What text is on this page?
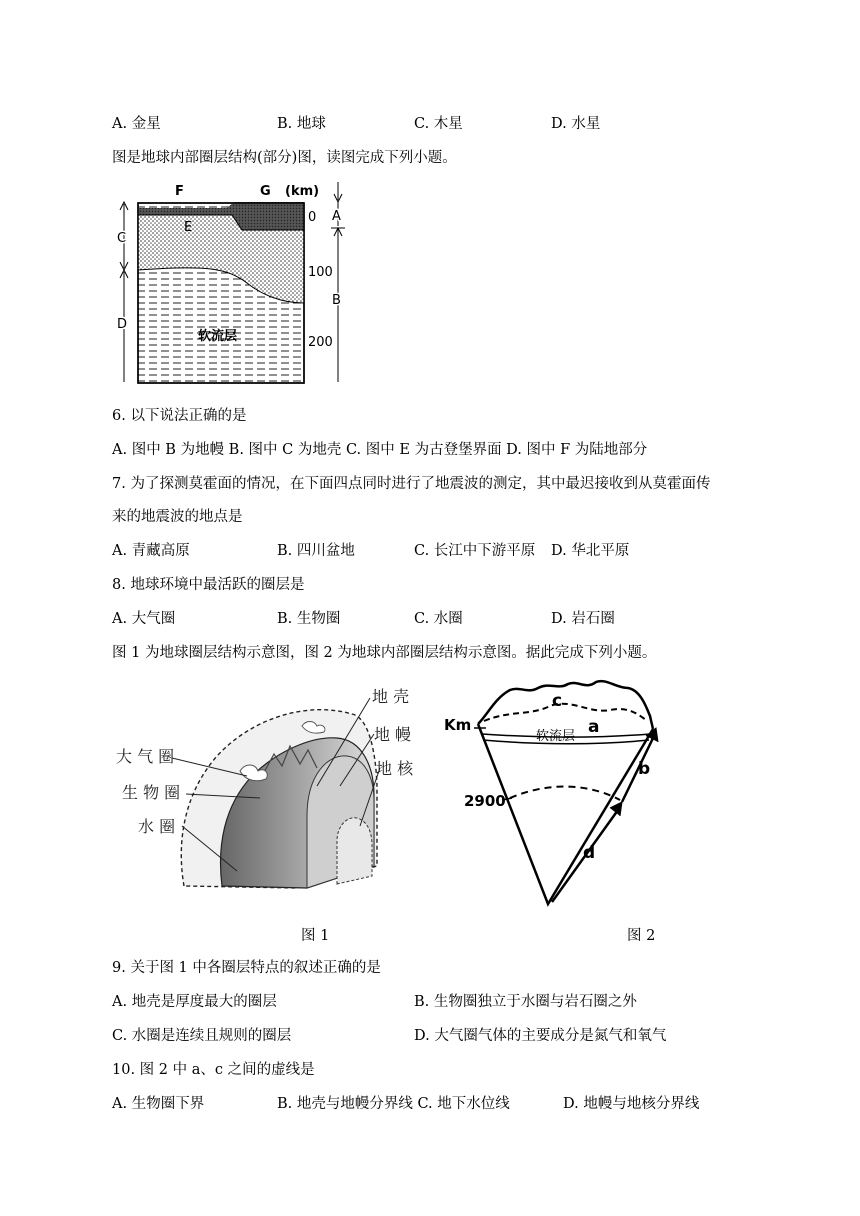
A. 金星	B. 地球	C. 木星	D. 水星
图是地球内部圈层结构(部分)图，读图完成下列小题。
F	G (km)
E
软流层
C
D
0
100
200
A
B
6. 以下说法正确的是
A. 图中 B 为地幔 B. 图中 C 为地壳 C. 图中 E 为古登堡界面 D. 图中 F 为陆地部分
7. 为了探测莫霍面的情况，在下面四点同时进行了地震波的测定，其中最迟接收到从莫霍面传
来的地震波的地点是
A. 青藏高原	B. 四川盆地	C. 长江中下游平原 D. 华北平原
8. 地球环境中最活跃的圈层是
A. 大气圈	B. 生物圈	C. 水圈	D. 岩石圈
图 1 为地球圈层结构示意图，图 2 为地球内部圈层结构示意图。据此完成下列小题。
地 壳
地 幔
地 核
大 气 圈
生 物 圈
水 圈
Km
c
a
软流层
b
2900
d
图 1	图 2
9. 关于图 1 中各圈层特点的叙述正确的是
A. 地壳是厚度最大的圈层	B. 生物圈独立于水圈与岩石圈之外
C. 水圈是连续且规则的圈层	D. 大气圈气体的主要成分是氮气和氧气
10. 图 2 中 a、c 之间的虚线是
A. 生物圈下界	B. 地壳与地幔分界线 C. 地下水位线	D. 地幔与地核分界线
